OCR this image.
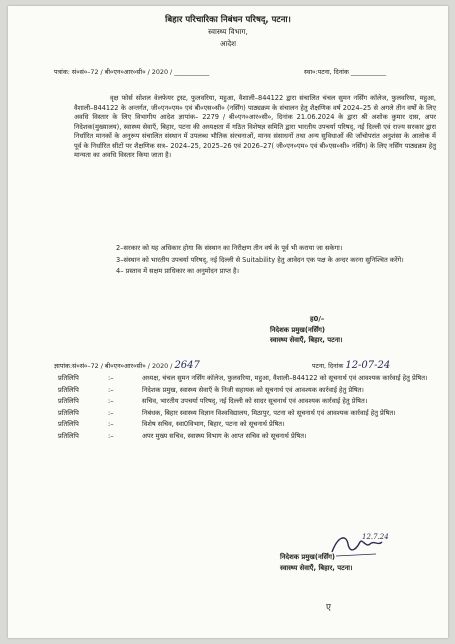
बिहार परिचारिका निबंधन परिषद्, पटना।
स्वास्थ्य विभाग,
आदेश
पत्रांक: सं०सं०–72 / बी०एन०आर०सी० / 2020 / ___________	स्था०:पटना, दिनांक ___________

वृक्ष फोर्स सोशल वेलफेयर ट्रस्ट, फुलवरिया, महुआ, वैशाली–844122 द्वारा संचालित चंचल सुमन नर्सिंग कॉलेज, फुलवरिया, महुआ, वैशाली–844122 के अन्तर्गत, जी०एन०एम० एवं बी०एस०सी० (नर्सिंग) पाठ्यक्रम के संचालन हेतु शैक्षणिक वर्ष 2024–25 से अगले तीन वर्षों के लिए अवधि विस्तार के लिए विभागीय आदेश ज्ञापांक– 2279 / बी०एन०आर०सी०, दिनांक 21.06.2024 के द्वारा श्री अशोक कुमार दास, अपर निदेशक(मुख्यालय), स्वास्थ्य सेवाएँ, बिहार, पटना की अध्यक्षता में गठित विशेषज्ञ समिति द्वारा भारतीय उपचर्या परिषद्, नई दिल्ली एवं राज्य सरकार द्वारा निर्धारित मानकों के अनुरूप संचालित संस्थान में उपलब्ध भौतिक संरचनाओं, मानव संसाधनों तथा अन्य सुविधाओं की जाँचोपरांत अनुशंसा के आलोक में पूर्व के निर्धारित सीटों पर शैक्षणिक सत्र– 2024–25, 2025–26 एवं 2026–27( जी०एन०एम० एवं बी०एस०सी० नर्सिंग) के लिए नर्सिंग पाठ्यक्रम हेतु मान्यता का अवधि विस्तार किया जाता है।

2–सरकार को यह अधिकार होगा कि संस्थान का निरीक्षण तीन वर्ष के पूर्व भी कराया जा सकेगा।
3–संस्थान को भारतीय उपचर्या परिषद्, नई दिल्ली से Suitability हेतु आवेदन एक पक्ष के अन्दर करना सुनिश्चित करेंगे।
4– प्रस्ताव में सक्षम प्राधिकार का अनुमोदन प्राप्त है।
ह0/–
निदेशक प्रमुख(नर्सिंग)
स्वास्थ्य सेवाएँ, बिहार, पटना।
ज्ञापांक:सं०सं०–72 / बी०एन०आर०सी० / 2020 / 2647	पटना, दिनांक 12-07-24
प्रतिलिपि	:–	अध्यक्ष, चंचल सुमन नर्सिंग कॉलेज, फुलवरिया, महुआ, वैशाली–844122 को सूचनार्थ एवं आवश्यक कार्रवाई हेतु प्रेषित।
प्रतिलिपि	:–	निदेशक प्रमुख, स्वास्थ्य सेवाएँ के निजी सहायक को सूचनार्थ एवं आवश्यक कार्रवाई हेतु प्रेषित।
प्रतिलिपि	:–	सचिव, भारतीय उपचर्या परिषद्, नई दिल्ली को सादर सूचनार्थ एवं आवश्यक कार्रवाई हेतु प्रेषित।
प्रतिलिपि	:–	निबंधक, बिहार स्वास्थ्य विज्ञान विश्वविद्यालय, मिठापुर, पटना को सूचनार्थ एवं आवश्यक कार्रवाई हेतु प्रेषित।
प्रतिलिपि	:–	विशेष सचिव, स्वा0विभाग, बिहार, पटना को सूचनार्थ प्रेषित।
प्रतिलिपि	:–	अपर मुख्य सचिव, स्वास्थ्य विभाग के आप्त सचिव को सूचनार्थ प्रेषित।
12.7.24
निदेशक प्रमुख(नर्सिंग)
स्वास्थ्य सेवाएँ, बिहार, पटना।
ए
